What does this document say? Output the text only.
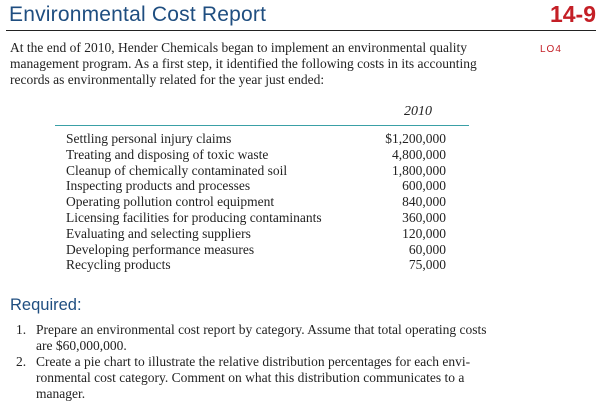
Environmental Cost Report	14-9
LO4
At the end of 2010, Hender Chemicals began to implement an environmental quality
management program. As a first step, it identified the following costs in its accounting
records as environmentally related for the year just ended:
2010
Settling personal injury claims	$1,200,000
Treating and disposing of toxic waste	4,800,000
Cleanup of chemically contaminated soil	1,800,000
Inspecting products and processes	600,000
Operating pollution control equipment	840,000
Licensing facilities for producing contaminants	360,000
Evaluating and selecting suppliers	120,000
Developing performance measures	60,000
Recycling products	75,000
Required:
1. Prepare an environmental cost report by category. Assume that total operating costs
are $60,000,000.
2. Create a pie chart to illustrate the relative distribution percentages for each envi-
ronmental cost category. Comment on what this distribution communicates to a
manager.
